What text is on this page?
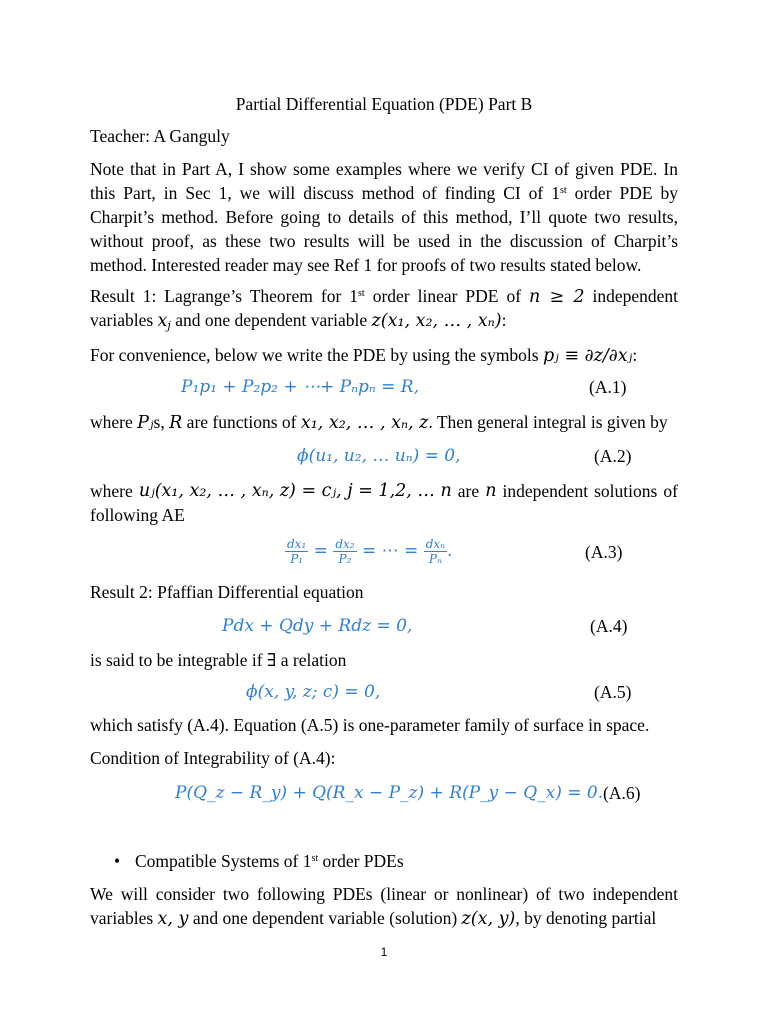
Partial Differential Equation (PDE) Part B
Teacher: A Ganguly
Note that in Part A, I show some examples where we verify CI of given PDE. In
this Part, in Sec 1, we will discuss method of finding CI of 1st order PDE by
Charpit’s method. Before going to details of this method, I’ll quote two results,
without proof, as these two results will be used in the discussion of Charpit’s
method. Interested reader may see Ref 1 for proofs of two results stated below.
Result 1: Lagrange’s Theorem for 1st order linear PDE of n ≥ 2 independent
variables $x_j$ and one dependent variable z(x₁, x₂, … , xₙ):
For convenience, below we write the PDE by using the symbols pⱼ ≡ ∂z/∂xⱼ:
P₁p₁ + P₂p₂ + ⋯+ Pₙpₙ = R,	(A.1)
where Pⱼs, R are functions of x₁, x₂, … , xₙ, z. Then general integral is given by
ϕ(u₁, u₂, … uₙ) = 0,	(A.2)
where uⱼ(x₁, x₂, … , xₙ, z) = cⱼ, j = 1,2, … n are n independent solutions of
following AE
$\frac{\text{dx₁}}{\text{P₁}} = \frac{\text{dx₂}}{\text{P₂}}$ = ⋯ = $\frac{\text{dxₙ}}{\text{Pₙ}}$ .	(A.3)
Result 2: Pfaffian Differential equation
Pdx + Qdy + Rdz = 0,	(A.4)
is said to be integrable if ∃ a relation
ϕ(x, y, z; c) = 0,	(A.5)
which satisfy (A.4). Equation (A.5) is one-parameter family of surface in space.
Condition of Integrability of (A.4):
P(Q_z − R_y) + Q(R_x − P_z) + R(P_y − Q_x) = 0. (A.6)
• Compatible Systems of 1st order PDEs
We will consider two following PDEs (linear or nonlinear) of two independent
variables x, y and one dependent variable (solution) z(x, y), by denoting partial
1
